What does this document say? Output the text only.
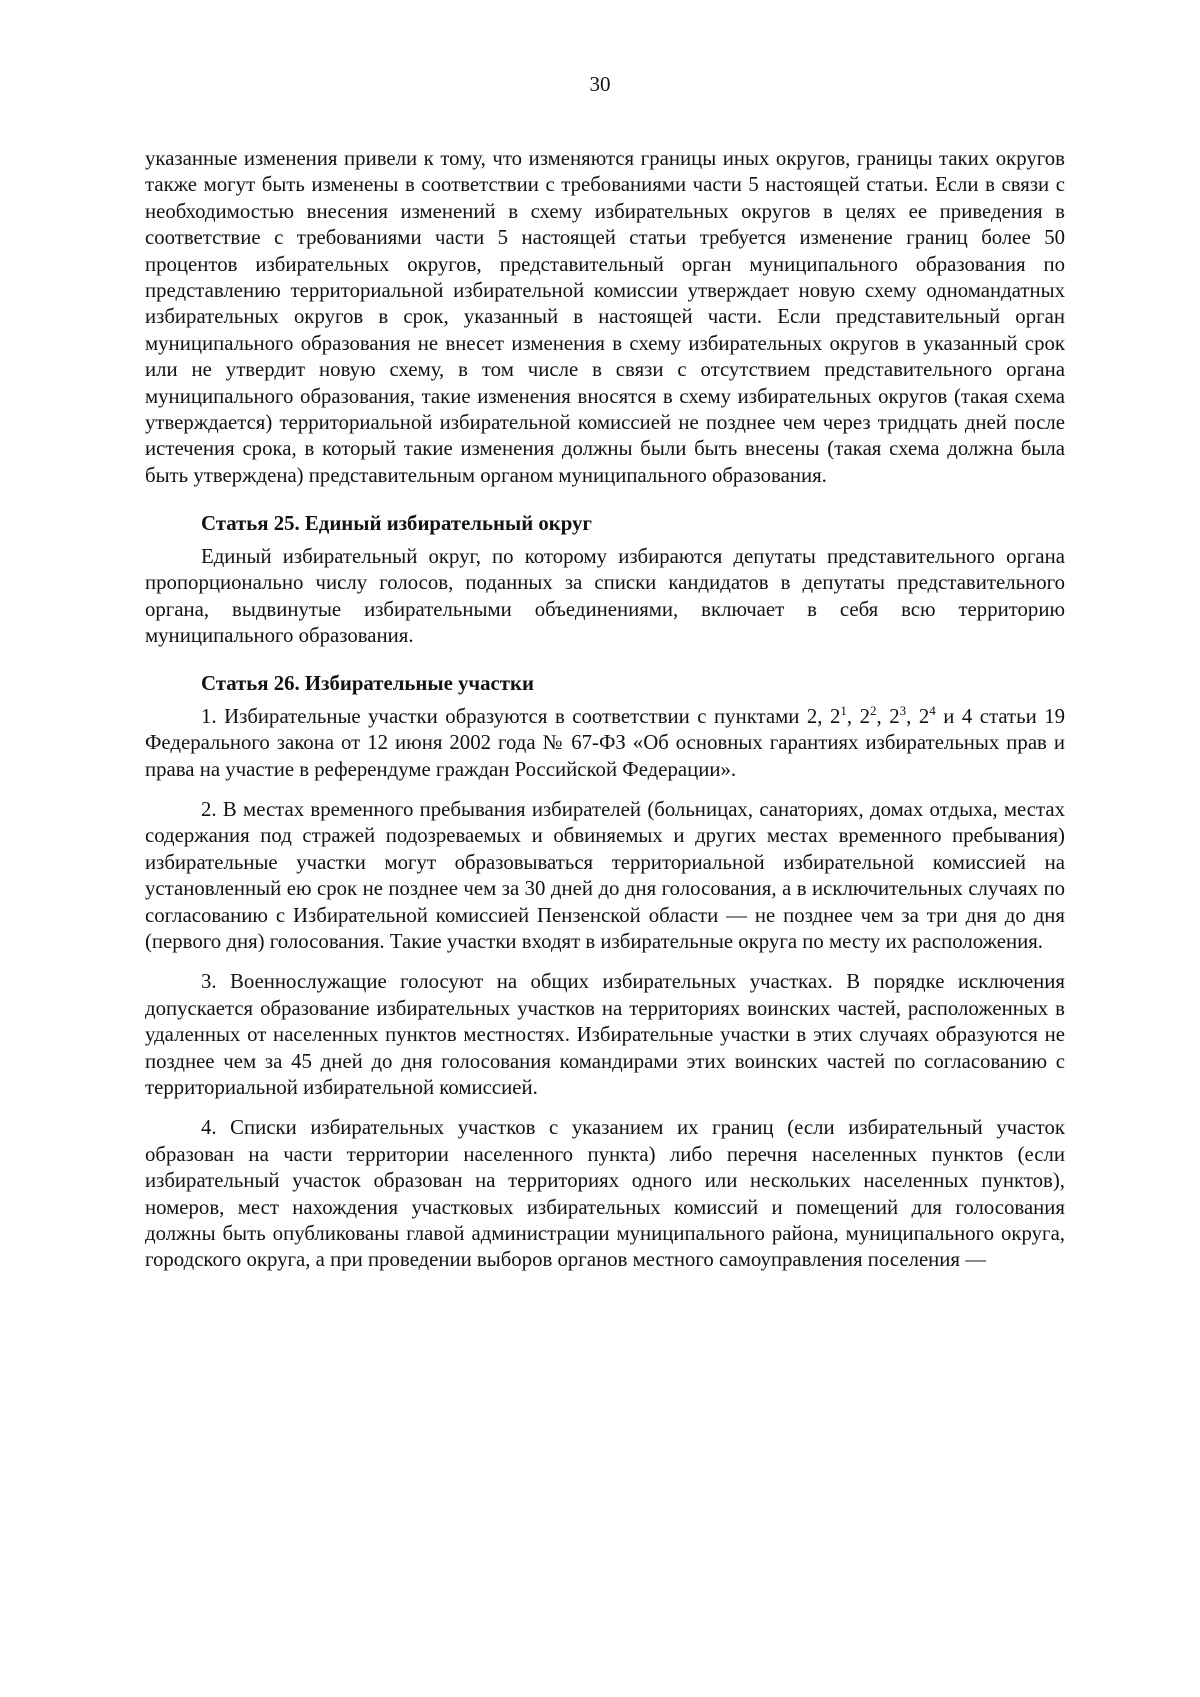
30

указанные изменения привели к тому, что изменяются границы иных округов, границы таких округов также могут быть изменены в соответствии с требованиями части 5 настоящей статьи. Если в связи с необходимостью внесения изменений в схему избирательных округов в целях ее приведения в соответствие с требованиями части 5 настоящей статьи требуется изменение границ более 50 процентов избирательных округов, представительный орган муниципального образования по представлению территориальной избирательной комиссии утверждает новую схему одномандатных избирательных округов в срок, указанный в настоящей части. Если представительный орган муниципального образования не внесет изменения в схему избирательных округов в указанный срок или не утвердит новую схему, в том числе в связи с отсутствием представительного органа муниципального образования, такие изменения вносятся в схему избирательных округов (такая схема утверждается) территориальной избирательной комиссией не позднее чем через тридцать дней после истечения срока, в который такие изменения должны были быть внесены (такая схема должна была быть утверждена) представительным органом муниципального образования.

Статья 25. Единый избирательный округ

Единый избирательный округ, по которому избираются депутаты представительного органа пропорционально числу голосов, поданных за списки кандидатов в депутаты представительного органа, выдвинутые избирательными объединениями, включает в себя всю территорию муниципального образования.

Статья 26. Избирательные участки

1. Избирательные участки образуются в соответствии с пунктами 2, $2^1$, $2^2$, $2^3$, $2^4$ и 4 статьи 19 Федерального закона от 12 июня 2002 года № 67-ФЗ «Об основных гарантиях избирательных прав и права на участие в референдуме граждан Российской Федерации».

2. В местах временного пребывания избирателей (больницах, санаториях, домах отдыха, местах содержания под стражей подозреваемых и обвиняемых и других местах временного пребывания) избирательные участки могут образовываться территориальной избирательной комиссией на установленный ею срок не позднее чем за 30 дней до дня голосования, а в исключительных случаях по согласованию с Избирательной комиссией Пензенской области — не позднее чем за три дня до дня (первого дня) голосования. Такие участки входят в избирательные округа по месту их расположения.

3. Военнослужащие голосуют на общих избирательных участках. В порядке исключения допускается образование избирательных участков на территориях воинских частей, расположенных в удаленных от населенных пунктов местностях. Избирательные участки в этих случаях образуются не позднее чем за 45 дней до дня голосования командирами этих воинских частей по согласованию с территориальной избирательной комиссией.

4. Списки избирательных участков с указанием их границ (если избирательный участок образован на части территории населенного пункта) либо перечня населенных пунктов (если избирательный участок образован на территориях одного или нескольких населенных пунктов), номеров, мест нахождения участковых избирательных комиссий и помещений для голосования должны быть опубликованы главой администрации муниципального района, муниципального округа, городского округа, а при проведении выборов органов местного самоуправления поселения —
